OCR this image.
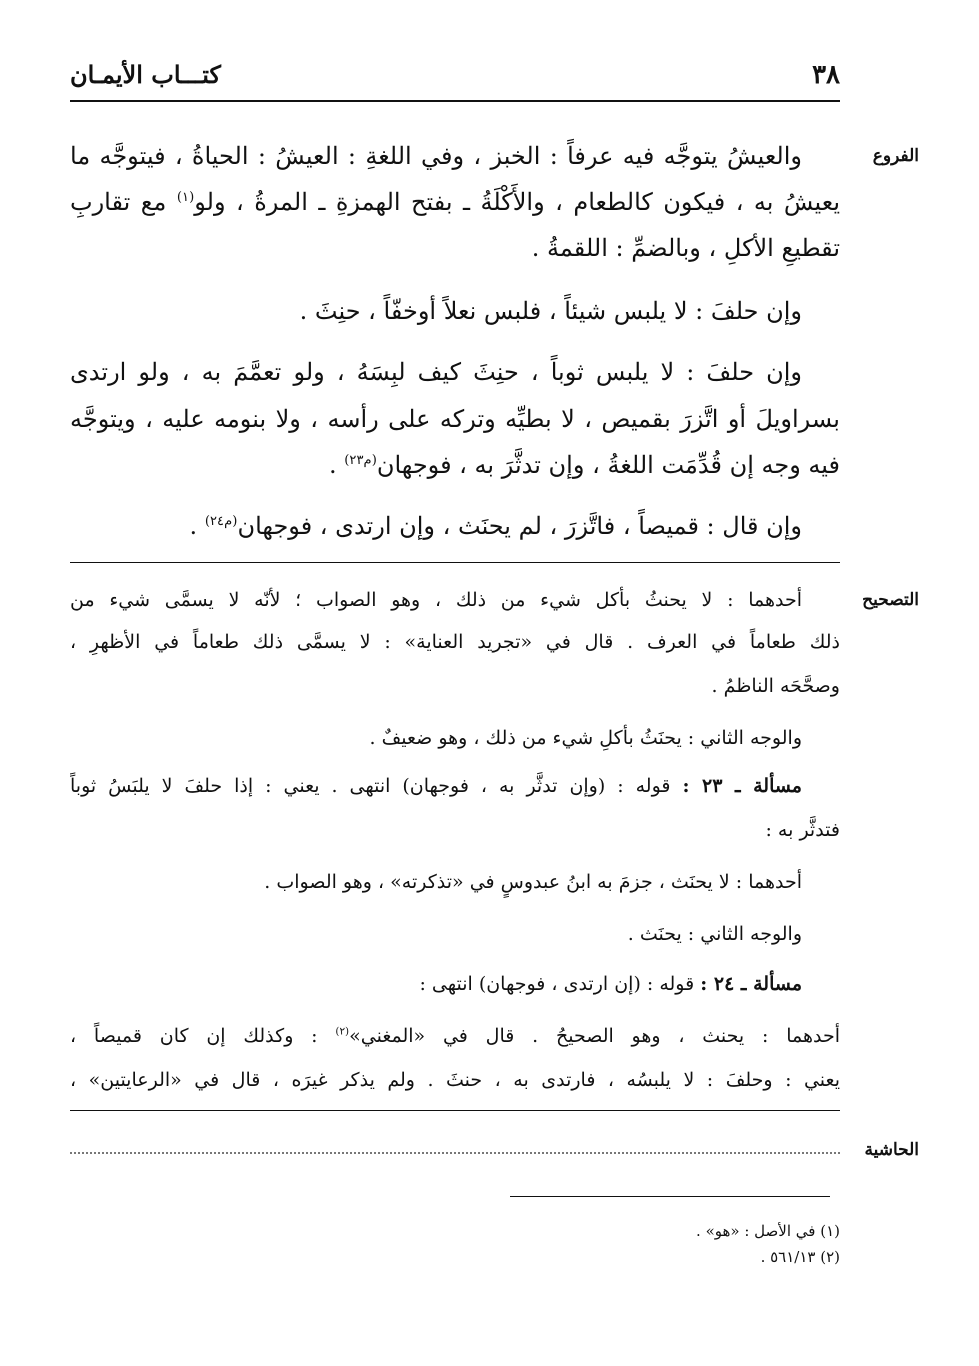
٣٨
كتـــاب الأيمـان
الفروع
التصحيح
الحاشية
والعيشُ يتوجَّه فيه عرفاً : الخبز ، وفي اللغةِ : العيشُ : الحياةُ ، فيتوجَّه ما
يعيشُ به ، فيكون كالطعام ، والأَكْلَةُ ـ بفتح الهمزةِ ـ المرةُ ، ولو$^{(١)}$ مع تقاربِ
تقطيعِ الأكلِ ، وبالضمِّ : اللقمةُ .
وإن حلفَ : لا يلبس شيئاً ، فلبس نعلاً أوخفّاً ، حنِثَ .
وإن حلفَ : لا يلبس ثوباً ، حنِثَ كيف لبِسَهُ ، ولو تعمَّمَ به ، ولو ارتدى
بسراويلَ أو اتَّزرَ بقميص ، لا بطيِّه وتركه على رأسه ، ولا بنومه عليه ، ويتوجَّه
فيه وجه إن قُدِّمَت اللغةُ ، وإن تدثَّرَ به ، فوجهان$^{(م٢٣)}$ .
وإن قال : قميصاً ، فاتَّزرَ ، لم يحنَث ، وإن ارتدى ، فوجهان$^{(م٢٤)}$ .
أحدهما : لا يحنثُ بأكل شيء من ذلك ، وهو الصواب ؛ لأنّه لا يسمَّى شيء من
ذلك طعاماً في العرف . قال في «تجريد العناية» : لا يسمَّى ذلك طعاماً في الأظهرِ ،
وصحَّحَه الناظمُ .
والوجه الثاني : يحنَثُ بأكلِ شيء من ذلك ، وهو ضعيفٌ .
مسألة ـ ٢٣ : قوله : (وإن تدثَّر به ، فوجهان) انتهى . يعني : إذا حلفَ لا يلبَسُ ثوباً
فتدثَّر به :
أحدهما : لا يحنَث ، جزمَ به ابنُ عبدوسٍ في «تذكرته» ، وهو الصواب .
والوجه الثاني : يحنَث .
مسألة ـ ٢٤ : قوله : (إن ارتدى ، فوجهان) انتهى :
أحدهما : يحنث ، وهو الصحيحُ . قال في «المغني»$^{(٢)}$ : وكذلك إن كان قميصاً ،
يعني : وحلفَ : لا يلبسُه ، فارتدى به ، حنثَ . ولم يذكر غيرَه ، قال في «الرعايتين» ،
(١) في الأصل : «هو» .
(٢) ٥٦١/١٣ .
